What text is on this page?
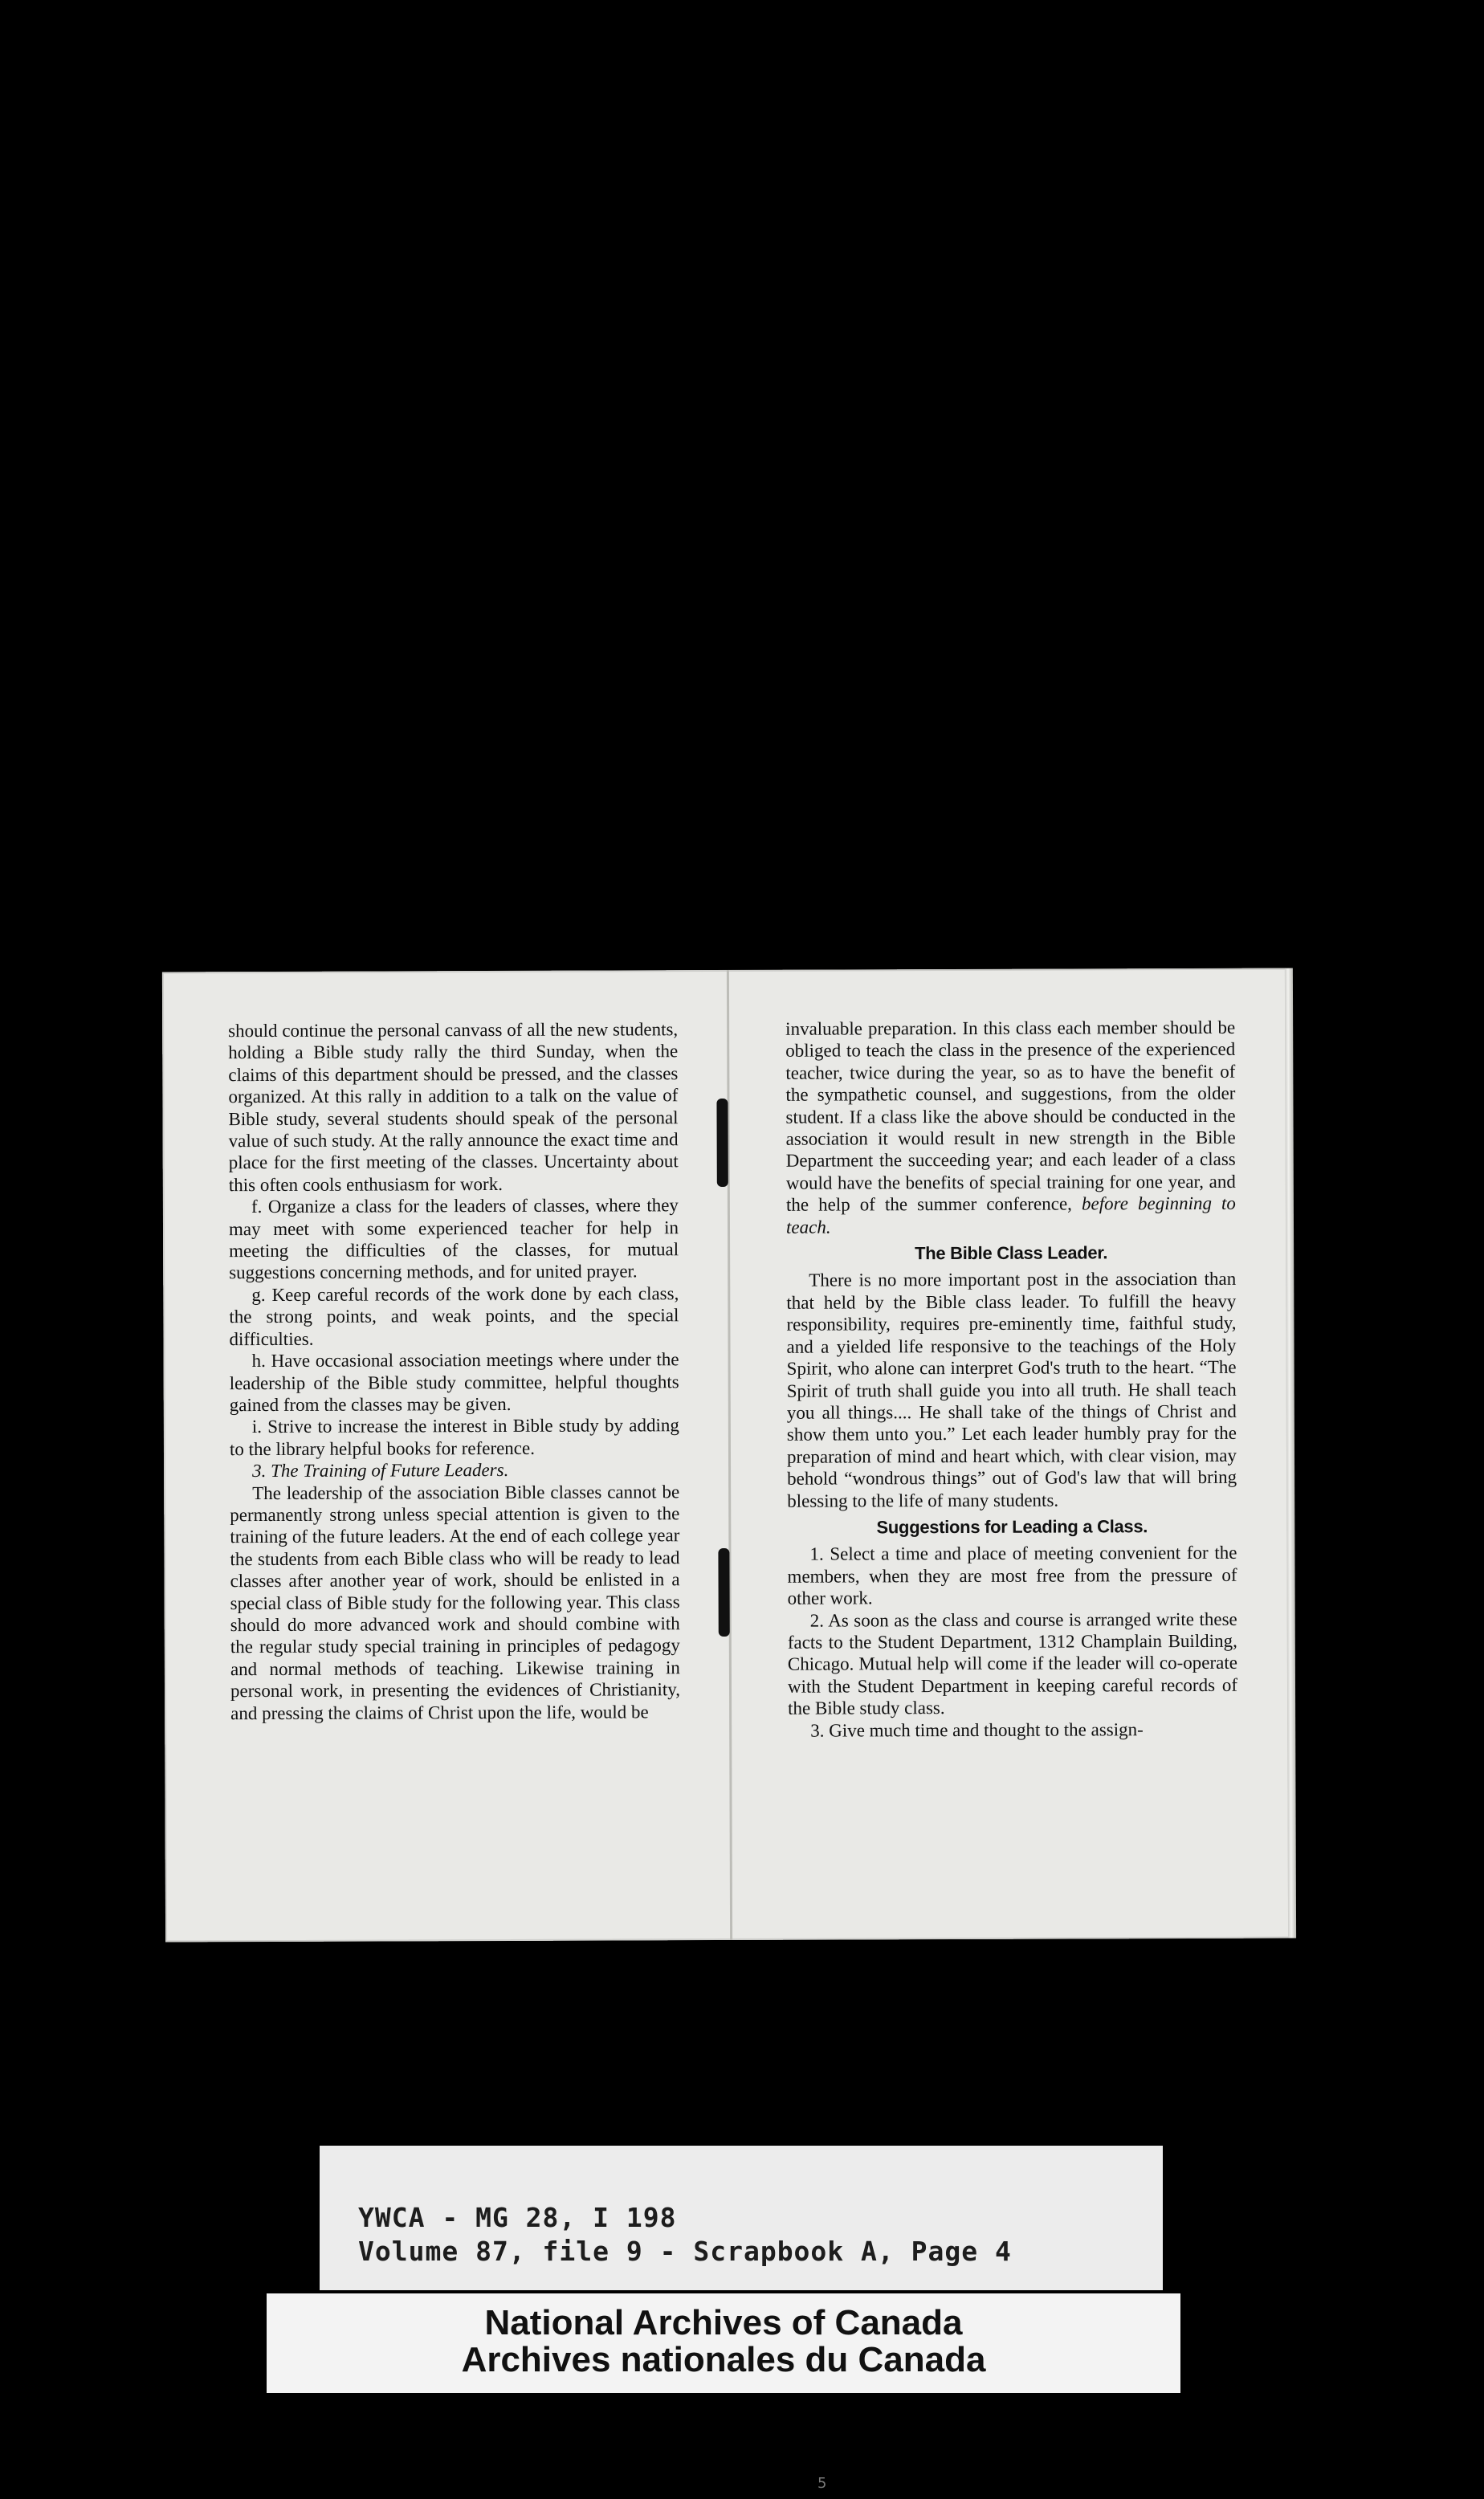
should continue the personal canvass of all the new students, holding a Bible study rally the third Sunday, when the claims of this department should be pressed, and the classes organized. At this rally in addition to a talk on the value of Bible study, several students should speak of the personal value of such study. At the rally announce the exact time and place for the first meeting of the classes. Uncertainty about this often cools enthusiasm for work.

f. Organize a class for the leaders of classes, where they may meet with some experienced teacher for help in meeting the difficulties of the classes, for mutual suggestions concerning methods, and for united prayer.

g. Keep careful records of the work done by each class, the strong points, and weak points, and the special difficulties.

h. Have occasional association meetings where under the leadership of the Bible study committee, helpful thoughts gained from the classes may be given.

i. Strive to increase the interest in Bible study by adding to the library helpful books for reference.

3. The Training of Future Leaders.

The leadership of the association Bible classes cannot be permanently strong unless special attention is given to the training of the future leaders. At the end of each college year the students from each Bible class who will be ready to lead classes after another year of work, should be enlisted in a special class of Bible study for the following year. This class should do more advanced work and should combine with the regular study special training in principles of pedagogy and normal methods of teaching. Likewise training in personal work, in presenting the evidences of Christianity, and pressing the claims of Christ upon the life, would be

invaluable preparation. In this class each member should be obliged to teach the class in the presence of the experienced teacher, twice during the year, so as to have the benefit of the sympathetic counsel, and suggestions, from the older student. If a class like the above should be conducted in the association it would result in new strength in the Bible Department the succeeding year; and each leader of a class would have the benefits of special training for one year, and the help of the summer conference, before beginning to teach.

The Bible Class Leader.

There is no more important post in the association than that held by the Bible class leader. To fulfill the heavy responsibility, requires pre-eminently time, faithful study, and a yielded life responsive to the teachings of the Holy Spirit, who alone can interpret God's truth to the heart. “The Spirit of truth shall guide you into all truth. He shall teach you all things.... He shall take of the things of Christ and show them unto you.” Let each leader humbly pray for the preparation of mind and heart which, with clear vision, may behold “wondrous things” out of God's law that will bring blessing to the life of many students.

Suggestions for Leading a Class.

1. Select a time and place of meeting convenient for the members, when they are most free from the pressure of other work.

2. As soon as the class and course is arranged write these facts to the Student Department, 1312 Champlain Building, Chicago. Mutual help will come if the leader will co-operate with the Student Department in keeping careful records of the Bible study class.

3. Give much time and thought to the assign-

YWCA - MG 28, I 198
Volume 87, file 9 - Scrapbook A, Page 4
National Archives of Canada
Archives nationales du Canada
5
